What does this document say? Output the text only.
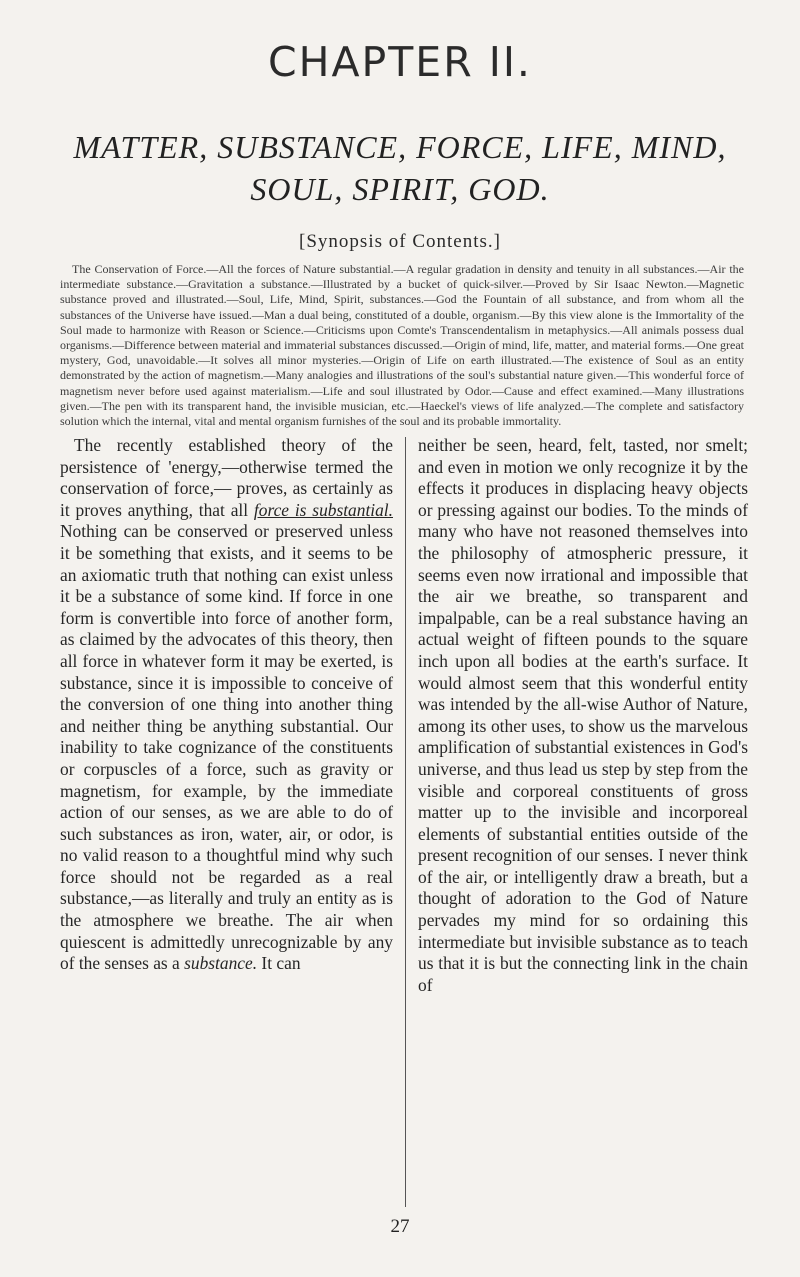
CHAPTER II.
MATTER, SUBSTANCE, FORCE, LIFE, MIND, SOUL, SPIRIT, GOD.
[Synopsis of Contents.]
The Conservation of Force.—All the forces of Nature substantial.—A regular gradation in density and tenuity in all substances.—Air the intermediate substance.—Gravitation a substance.—Illustrated by a bucket of quick-silver.—Proved by Sir Isaac Newton.—Magnetic substance proved and illustrated.—Soul, Life, Mind, Spirit, substances.—God the Fountain of all substance, and from whom all the substances of the Universe have issued.—Man a dual being, constituted of a double, organism.—By this view alone is the Immortality of the Soul made to harmonize with Reason or Science.—Criticisms upon Comte's Transcendentalism in metaphysics.—All animals possess dual organisms.—Difference between material and immaterial substances discussed.—Origin of mind, life, matter, and material forms.—One great mystery, God, unavoidable.—It solves all minor mysteries.—Origin of Life on earth illustrated.—The existence of Soul as an entity demonstrated by the action of magnetism.—Many analogies and illustrations of the soul's substantial nature given.—This wonderful force of magnetism never before used against materialism.—Life and soul illustrated by Odor.—Cause and effect examined.—Many illustrations given.—The pen with its transparent hand, the invisible musician, etc.—Haeckel's views of life analyzed.—The complete and satisfactory solution which the internal, vital and mental organism furnishes of the soul and its probable immortality.
The recently established theory of the persistence of 'energy,—otherwise termed the conservation of force,— proves, as certainly as it proves anything, that all force is substantial. Nothing can be conserved or preserved unless it be something that exists, and it seems to be an axiomatic truth that nothing can exist unless it be a substance of some kind. If force in one form is convertible into force of another form, as claimed by the advocates of this theory, then all force in whatever form it may be exerted, is substance, since it is impossible to conceive of the conversion of one thing into another thing and neither thing be anything substantial. Our inability to take cognizance of the constituents or corpuscles of a force, such as gravity or magnetism, for example, by the immediate action of our senses, as we are able to do of such substances as iron, water, air, or odor, is no valid reason to a thoughtful mind why such force should not be regarded as a real substance,—as literally and truly an entity as is the atmosphere we breathe. The air when quiescent is admittedly unrecognizable by any of the senses as a substance. It can
neither be seen, heard, felt, tasted, nor smelt; and even in motion we only recognize it by the effects it produces in displacing heavy objects or pressing against our bodies. To the minds of many who have not reasoned themselves into the philosophy of atmospheric pressure, it seems even now irrational and impossible that the air we breathe, so transparent and impalpable, can be a real substance having an actual weight of fifteen pounds to the square inch upon all bodies at the earth's surface. It would almost seem that this wonderful entity was intended by the all-wise Author of Nature, among its other uses, to show us the marvelous amplification of substantial existences in God's universe, and thus lead us step by step from the visible and corporeal constituents of gross matter up to the invisible and incorporeal elements of substantial entities outside of the present recognition of our senses. I never think of the air, or intelligently draw a breath, but a thought of adoration to the God of Nature pervades my mind for so ordaining this intermediate but invisible substance as to teach us that it is but the connecting link in the chain of
27
